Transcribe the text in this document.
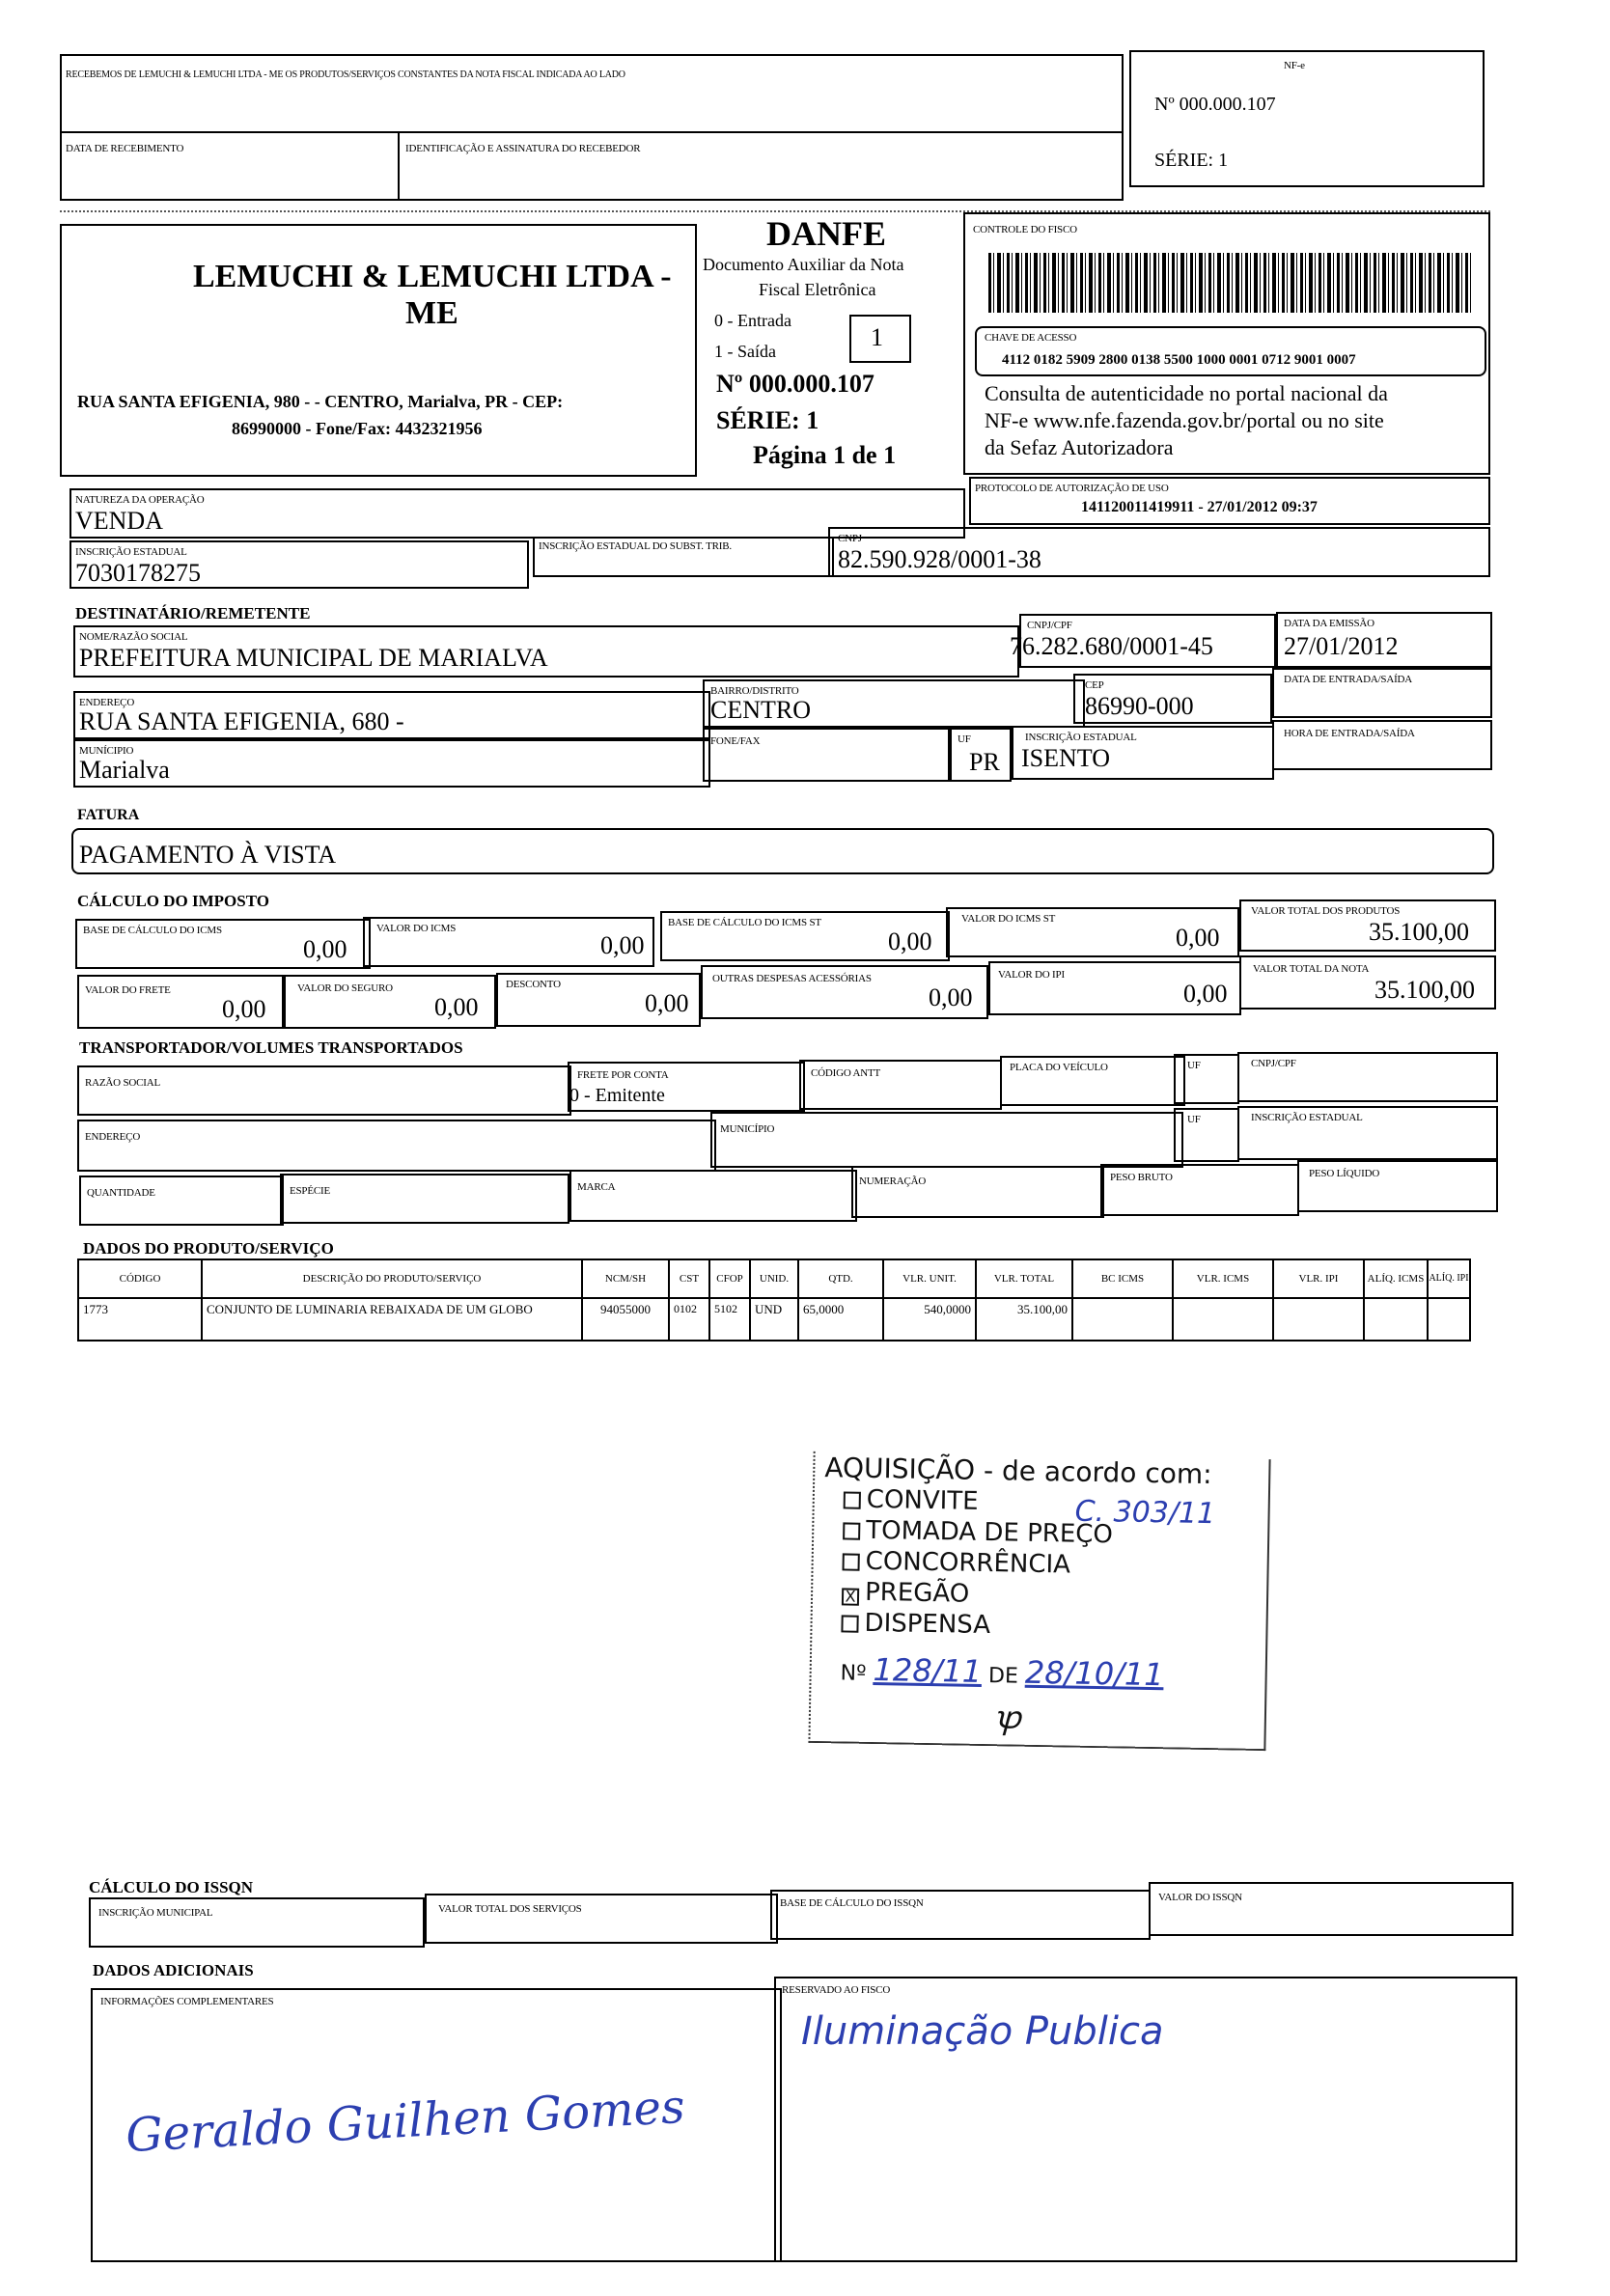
RECEBEMOS DE LEMUCHI & LEMUCHI LTDA - ME OS PRODUTOS/SERVIÇOS CONSTANTES DA NOTA FISCAL INDICADA AO LADO
DATA DE RECEBIMENTO	IDENTIFICAÇÃO E ASSINATURA DO RECEBEDOR
NF-e
Nº 000.000.107
SÉRIE: 1
LEMUCHI & LEMUCHI LTDA -
ME
RUA SANTA EFIGENIA, 980 - - CENTRO, Marialva, PR - CEP:
86990000 - Fone/Fax: 4432321956
DANFE
Documento Auxiliar da Nota
Fiscal Eletrônica
0 - Entrada
1 - Saída	1
Nº 000.000.107
SÉRIE: 1
Página 1 de 1
CONTROLE DO FISCO
CHAVE DE ACESSO
4112 0182 5909 2800 0138 5500 1000 0001 0712 9001 0007
Consulta de autenticidade no portal nacional da
NF-e www.nfe.fazenda.gov.br/portal ou no site
da Sefaz Autorizadora
NATUREZA DA OPERAÇÃO
VENDA
PROTOCOLO DE AUTORIZAÇÃO DE USO
141120011419911 - 27/01/2012 09:37
INSCRIÇÃO ESTADUAL
7030178275
INSCRIÇÃO ESTADUAL DO SUBST. TRIB.
CNPJ
82.590.928/0001-38
DESTINATÁRIO/REMETENTE
NOME/RAZÃO SOCIAL
PREFEITURA MUNICIPAL DE MARIALVA
CNPJ/CPF
76.282.680/0001-45
DATA DA EMISSÃO
27/01/2012
ENDEREÇO
RUA SANTA EFIGENIA, 680 -
BAIRRO/DISTRITO
CENTRO
CEP
86990-000
DATA DE ENTRADA/SAÍDA
MUNÍCIPIO
Marialva
FONE/FAX	UF
PR
INSCRIÇÃO ESTADUAL
ISENTO
HORA DE ENTRADA/SAÍDA
FATURA
PAGAMENTO À VISTA
CÁLCULO DO IMPOSTO
BASE DE CÁLCULO DO ICMS
0,00
VALOR DO ICMS
0,00
BASE DE CÁLCULO DO ICMS ST
0,00
VALOR DO ICMS ST
0,00
VALOR TOTAL DOS PRODUTOS
35.100,00
VALOR DO FRETE
0,00
VALOR DO SEGURO
0,00
DESCONTO
0,00
OUTRAS DESPESAS ACESSÓRIAS
0,00
VALOR DO IPI
0,00
VALOR TOTAL DA NOTA
35.100,00
TRANSPORTADOR/VOLUMES TRANSPORTADOS
RAZÃO SOCIAL
FRETE POR CONTA
0 - Emitente
CÓDIGO ANTT	PLACA DO VEÍCULO	UF	CNPJ/CPF
ENDEREÇO
MUNICÍPIO
UF	INSCRIÇÃO ESTADUAL
QUANTIDADE	ESPÉCIE	MARCA	NUMERAÇÃO	PESO BRUTO	PESO LÍQUIDO
DADOS DO PRODUTO/SERVIÇO
CÓDIGO	DESCRIÇÃO DO PRODUTO/SERVIÇO	NCM/SH	CST	CFOP	UNID.	QTD.	VLR. UNIT.	VLR. TOTAL	BC ICMS	VLR. ICMS	VLR. IPI	ALÍQ. ICMS ALÍQ. IPI
1773	CONJUNTO DE LUMINARIA REBAIXADA DE UM GLOBO	94055000	0102	5102	UND	65,0000	540,0000	35.100,00
AQUISIÇÃO - de acordo com:
CONVITE	C. 303/11
TOMADA DE PREÇO
CONCORRÊNCIA
X PREGÃO
DISPENSA
Nº 128/11 DE 28/10/11
ꝕ
CÁLCULO DO ISSQN
INSCRIÇÃO MUNICIPAL	VALOR TOTAL DOS SERVIÇOS	BASE DE CÁLCULO DO ISSQN	VALOR DO ISSQN
DADOS ADICIONAIS
INFORMAÇÕES COMPLEMENTARES
RESERVADO AO FISCO
Iluminação Publica
Geraldo Guilhen Gomes
